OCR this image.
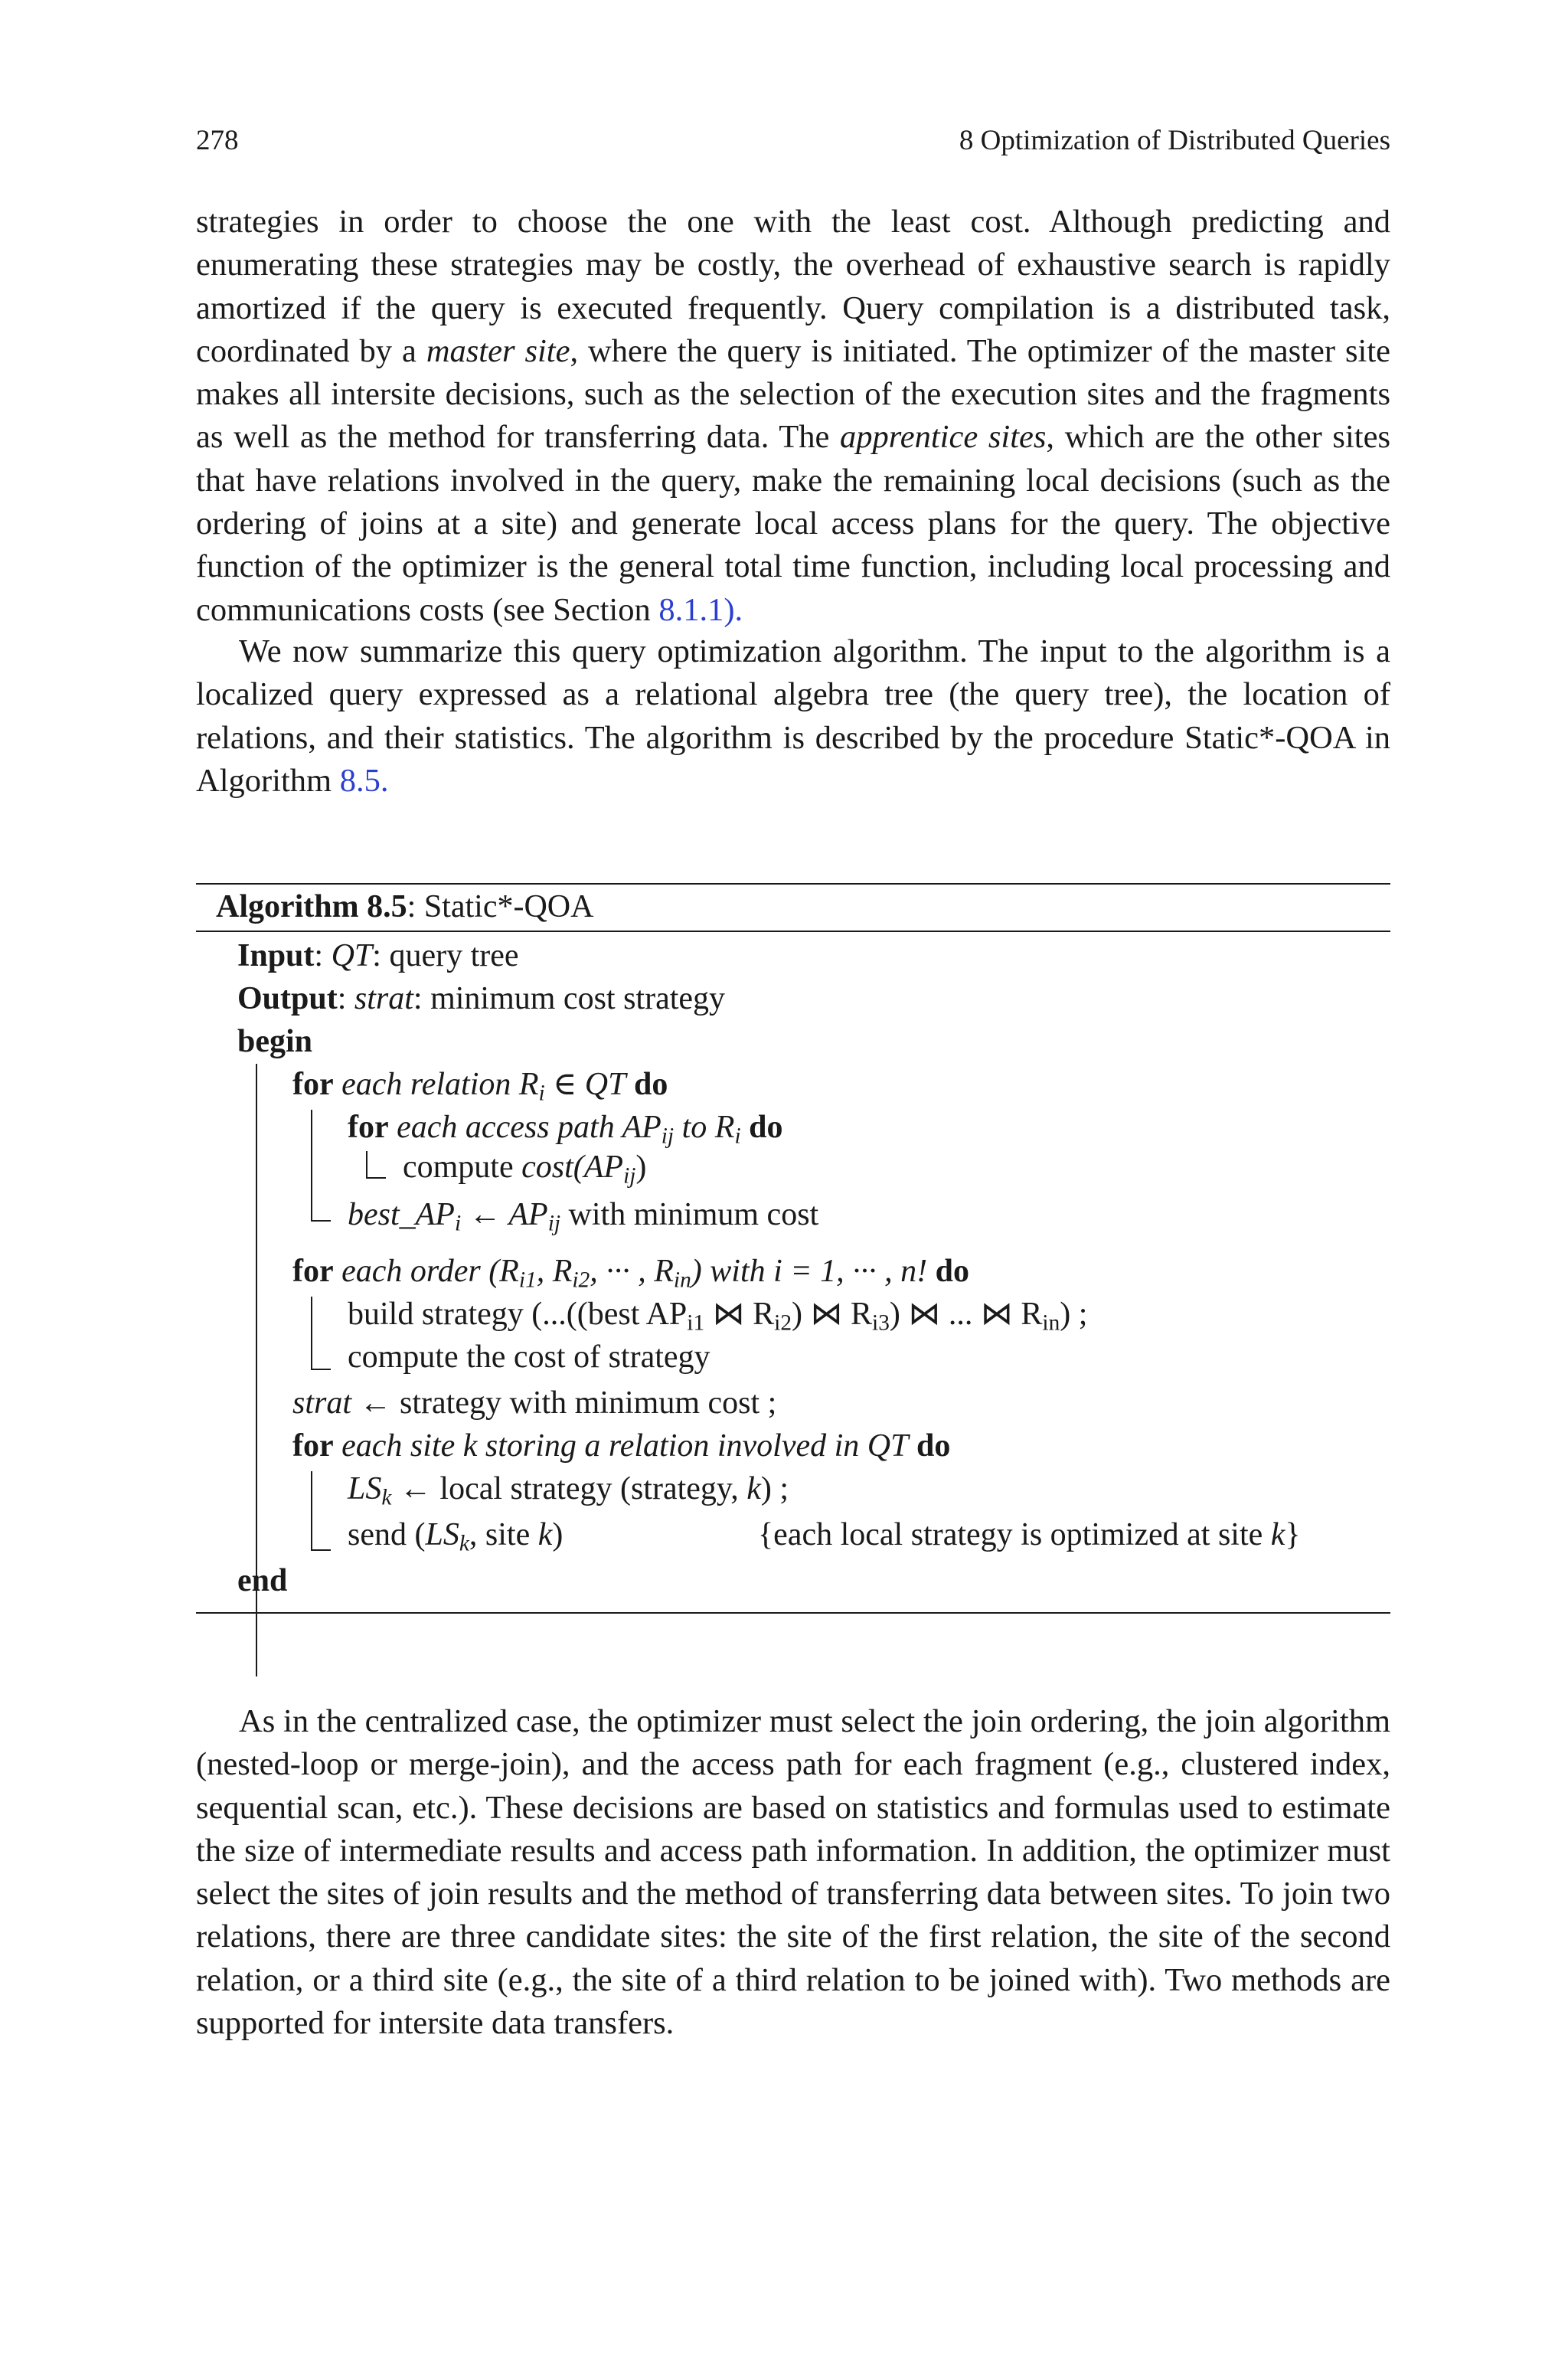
278	8 Optimization of Distributed Queries

strategies in order to choose the one with the least cost. Although predicting and enumerating these strategies may be costly, the overhead of exhaustive search is rapidly amortized if the query is executed frequently. Query compilation is a distributed task, coordinated by a master site, where the query is initiated. The optimizer of the master site makes all intersite decisions, such as the selection of the execution sites and the fragments as well as the method for transferring data. The apprentice sites, which are the other sites that have relations involved in the query, make the remaining local decisions (such as the ordering of joins at a site) and generate local access plans for the query. The objective function of the optimizer is the general total time function, including local processing and communications costs (see Section 8.1.1).

We now summarize this query optimization algorithm. The input to the algorithm is a localized query expressed as a relational algebra tree (the query tree), the location of relations, and their statistics. The algorithm is described by the procedure Static*-QOA in Algorithm 8.5.

Algorithm 8.5: Static*-QOA
Input: QT: query tree
Output: strat: minimum cost strategy
begin
for each relation $R_i$ ∈ QT do
for each access path $AP_{ij}$ to $R_i$ do
compute $\cos t(AP_{ij})$
$best\_AP_i$ ← $AP_{ij}$ with minimum cost
for each order ($R_{i1}$, $R_{i2}$, ··· , $R_{in}$) with i = 1, ··· , n! do
build strategy (...((best $AP_{i1}$ ⋈ $R_{i2}$) ⋈ $R_{i3}$) ⋈ ... ⋈ $R_{in}$) ;
compute the cost of strategy
strat ← strategy with minimum cost ;
for each site k storing a relation involved in QT do
$LS_k$ ← local strategy (strategy, k) ;
send ($LS_k$, site k)	{each local strategy is optimized at site k}
end

As in the centralized case, the optimizer must select the join ordering, the join algorithm (nested-loop or merge-join), and the access path for each fragment (e.g., clustered index, sequential scan, etc.). These decisions are based on statistics and formulas used to estimate the size of intermediate results and access path information. In addition, the optimizer must select the sites of join results and the method of transferring data between sites. To join two relations, there are three candidate sites: the site of the first relation, the site of the second relation, or a third site (e.g., the site of a third relation to be joined with). Two methods are supported for intersite data transfers.
